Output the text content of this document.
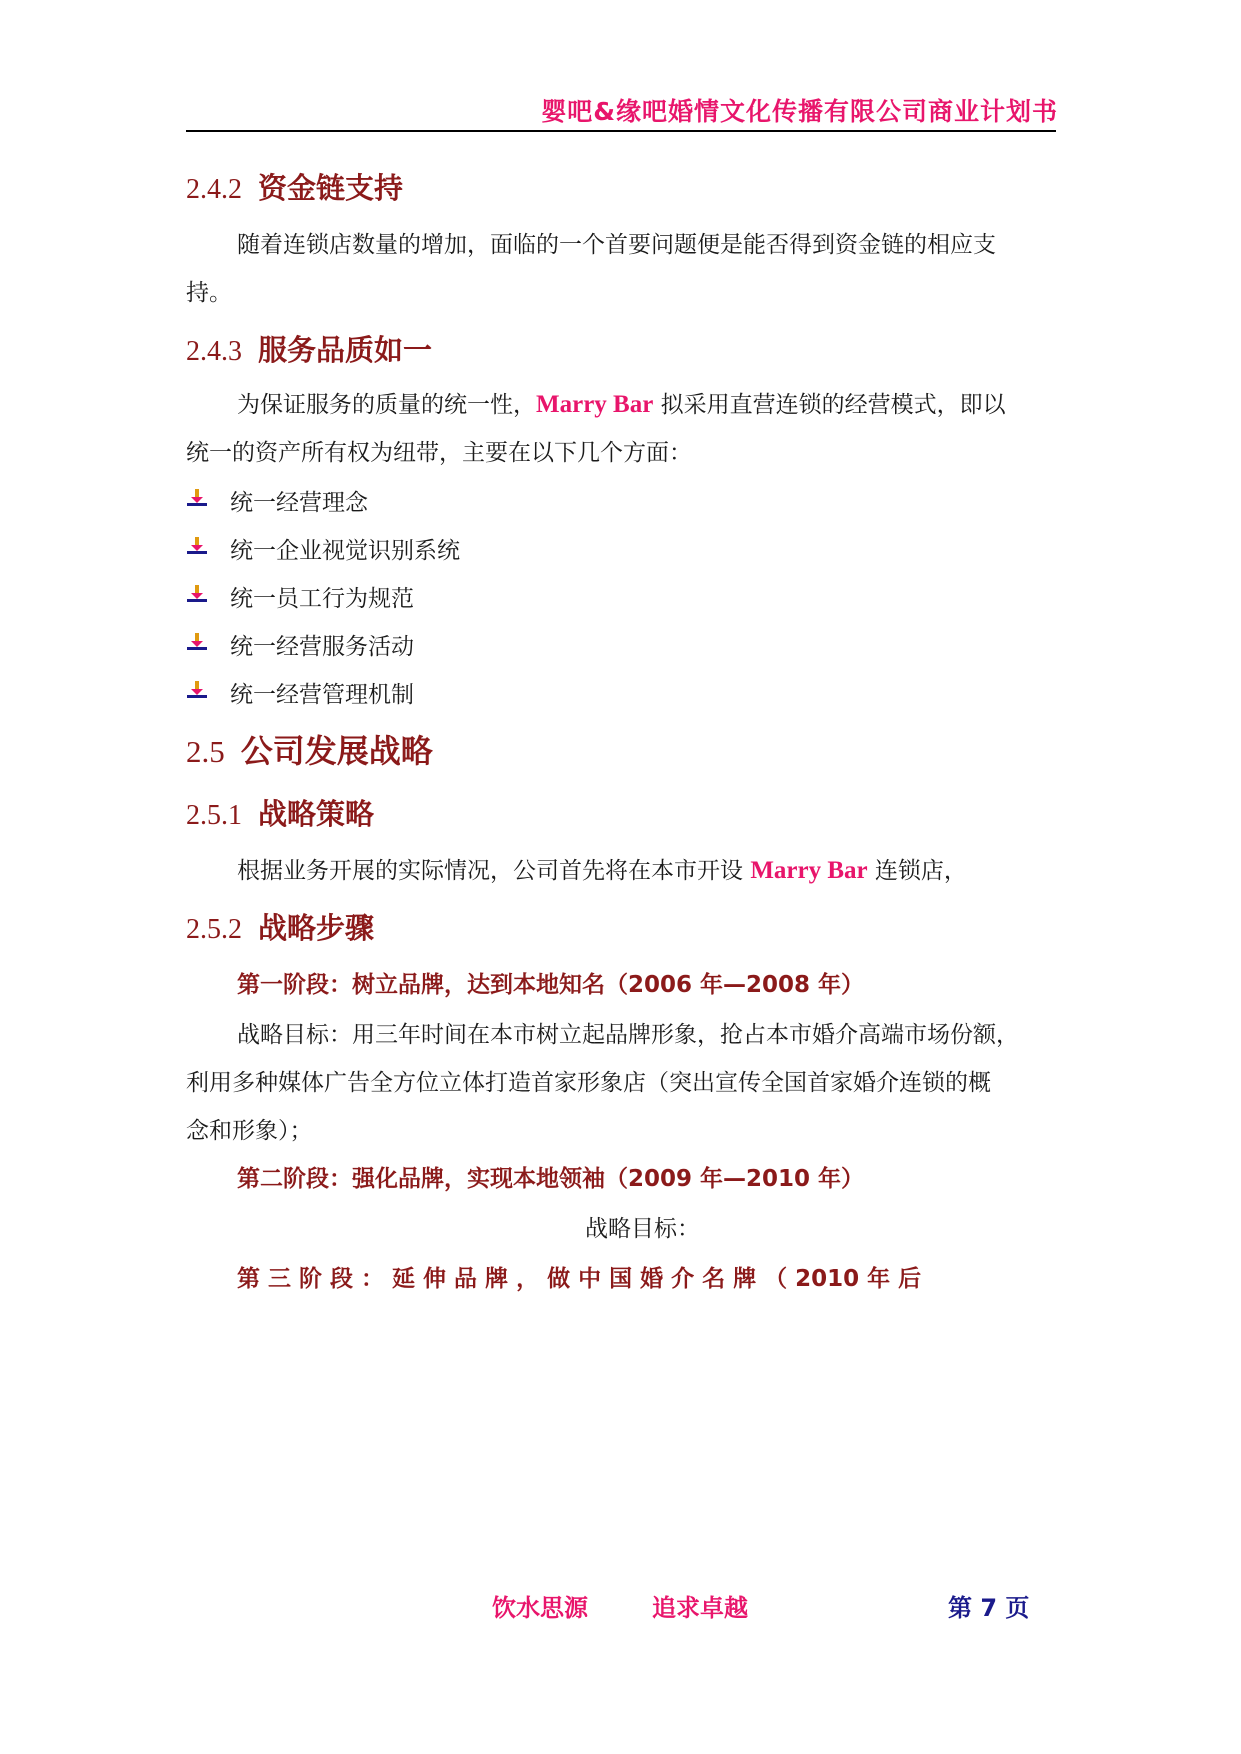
婴吧&缘吧婚情文化传播有限公司商业计划书
2.4.2 资金链支持
随着连锁店数量的增加，面临的一个首要问题便是能否得到资金链的相应支
持。
2.4.3 服务品质如一
为保证服务的质量的统一性，Marry Bar 拟采用直营连锁的经营模式，即以
统一的资产所有权为纽带，主要在以下几个方面：
统一经营理念
统一企业视觉识别系统
统一员工行为规范
统一经营服务活动
统一经营管理机制
2.5 公司发展战略
2.5.1 战略策略
根据业务开展的实际情况，公司首先将在本市开设 Marry Bar 连锁店，
2.5.2 战略步骤
第一阶段：树立品牌，达到本地知名（2006 年—2008 年）
战略目标：用三年时间在本市树立起品牌形象，抢占本市婚介高端市场份额，
利用多种媒体广告全方位立体打造首家形象店（突出宣传全国首家婚介连锁的概
念和形象）；
第二阶段：强化品牌，实现本地领袖（2009 年—2010 年）
战略目标：
第 三 阶 段 ： 延 伸 品 牌 ， 做 中 国 婚 介 名 牌 （ 2010 年 后
饮水思源	追求卓越	第 7 页
